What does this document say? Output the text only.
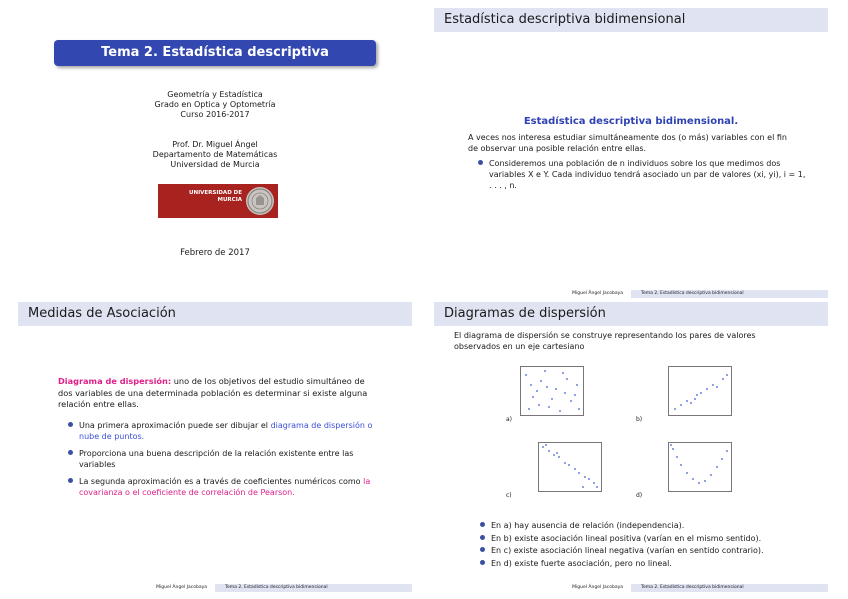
Tema 2. Estadística descriptiva bidimensional
Geometría y Estadística
Grado en Optica y Optometría
Curso 2016-2017
Prof. Dr. Miguel Ángel
Departamento de Matemáticas
Universidad de Murcia
UNIVERSIDAD DE
MURCIA
Febrero de 2017
Estadística descriptiva bidimensional
Estadística descriptiva bidimensional.
A veces nos interesa estudiar simultáneamente dos (o más) variables con el fin de observar una posible relación entre ellas.
Consideremos una población de n individuos sobre los que medimos dos variables X e Y. Cada individuo tendrá asociado un par de valores (xi, yi), i = 1, . . . , n.
Miguel Ángel Jacobaya	Tema 2. Estadística descriptiva bidimensional
Medidas de Asociación
Diagrama de dispersión: uno de los objetivos del estudio simultáneo de dos variables de una determinada población es determinar si existe alguna relación entre ellas.
Una primera aproximación puede ser dibujar el diagrama de dispersión o nube de puntos.
Proporciona una buena descripción de la relación existente entre las variables
La segunda aproximación es a través de coeficientes numéricos como la covarianza o el coeficiente de correlación de Pearson.
Miguel Ángel Jacobaya	Tema 2. Estadística descriptiva bidimensional
Diagramas de dispersión
El diagrama de dispersión se construye representando los pares de valores observados en un eje cartesiano
a)	b)
c)	d)
En a) hay ausencia de relación (independencia).
En b) existe asociación lineal positiva (varían en el mismo sentido).
En c) existe asociación lineal negativa (varían en sentido contrario).
En d) existe fuerte asociación, pero no lineal.
Miguel Ángel Jacobaya	Tema 2. Estadística descriptiva bidimensional
